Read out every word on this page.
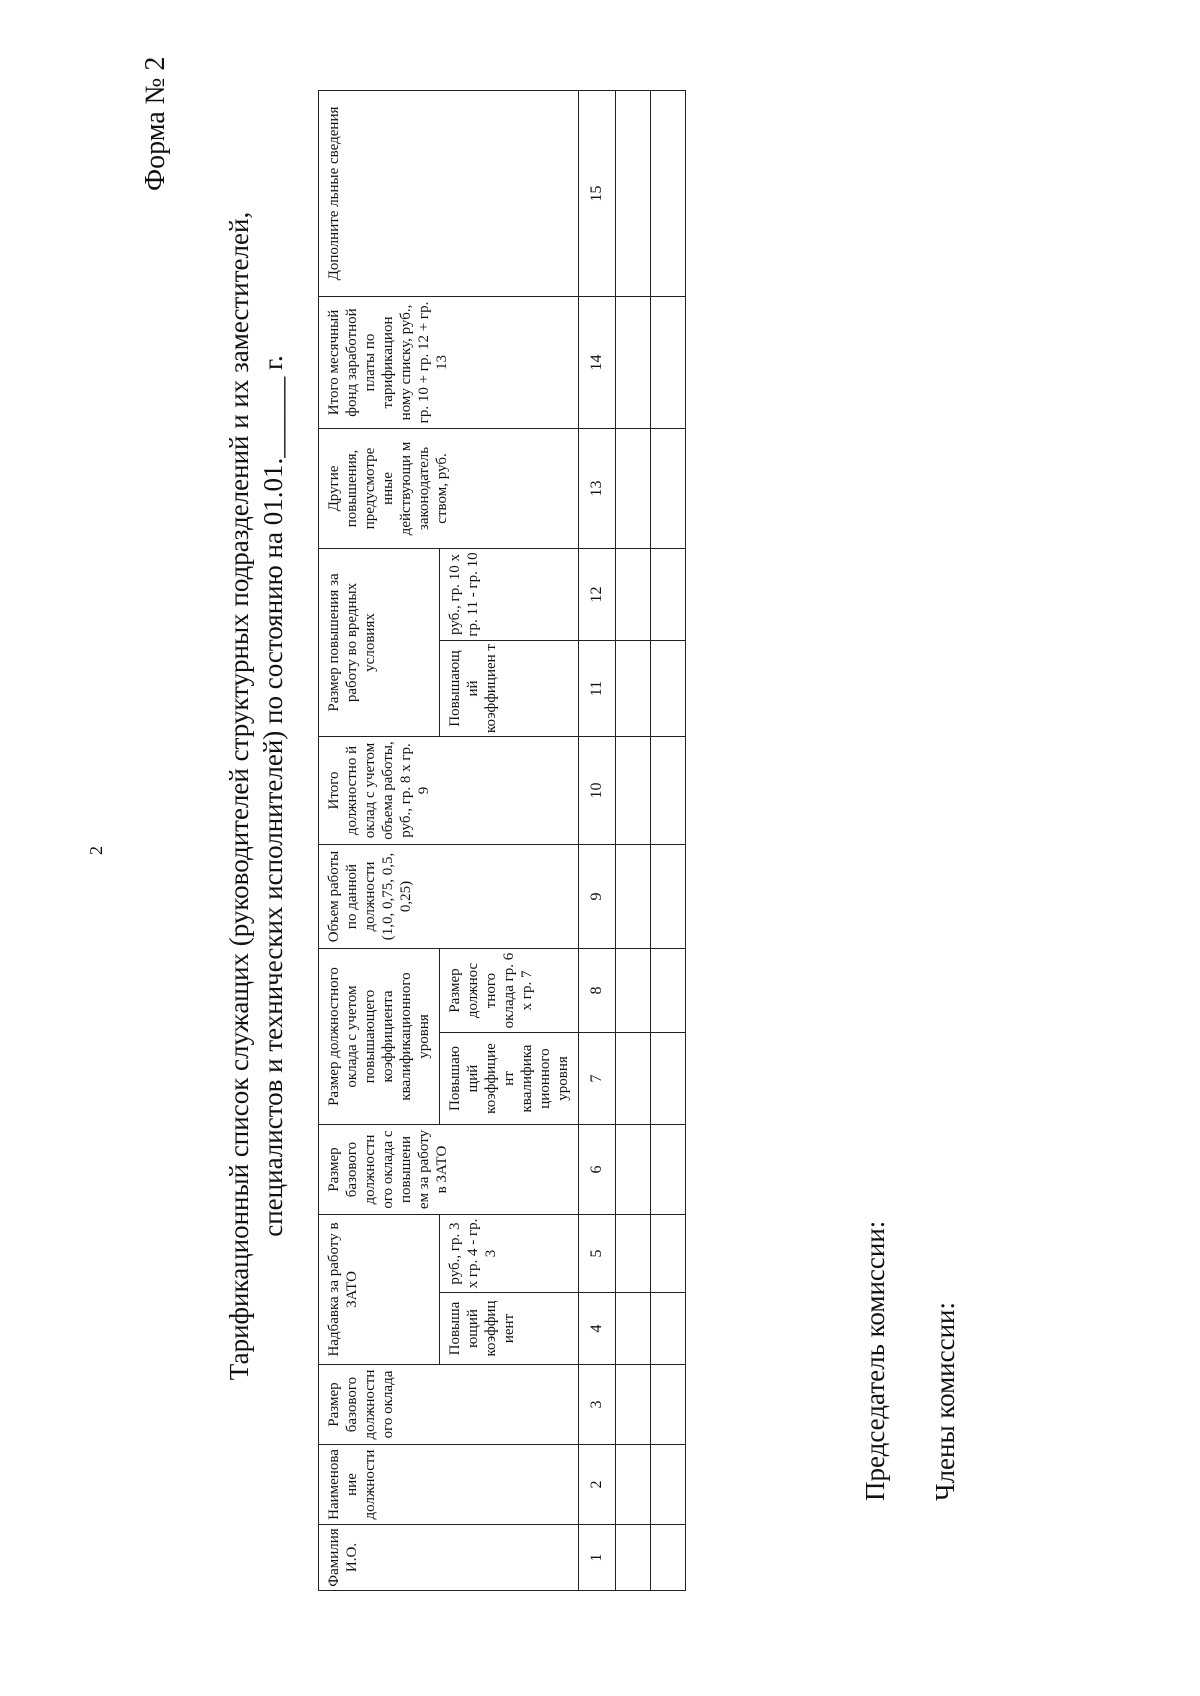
2
Форма № 2
Тарификационный список служащих (руководителей структурных подразделений и их заместителей, специалистов и технических исполнителей) по состоянию на 01.01.______ г.
Фамилия И.О.	Наименова ние должности	Размер базового должностн ого оклада	Надбавка за работу в ЗАТО		Размер базового должностн ого оклада с повышени ем за работу в ЗАТО	Размер должностного оклада с учетом повышающего коэффициента квалификационного уровня		Объем работы по данной должности (1,0, 0,75, 0,5, 0,25)	Итого должностно й оклад с учетом объема работы, руб., гр. 8 х гр. 9	Размер повышения за работу во вредных условиях		Другие повышения, предусмотре нные действующи м законодатель ством, руб.	Итого месячный фонд заработной платы по тарификацион ному списку, руб., гр. 10 + гр. 12 + гр. 13	Дополните льные сведения
			Повыша ющий коэффиц иент	руб., гр. 3 х гр. 4 - гр. 3		Повышаю щий коэффицие нт квалифика ционного уровня	Размер должнос тного оклада гр. 6 х гр. 7			Повышающ ий коэффициен т	руб., гр. 10 х гр. 11 - гр. 10			
1	2	3	4	5	6	7	8	9	10	11	12	13	14	15

Председатель комиссии: Члены комиссии:
